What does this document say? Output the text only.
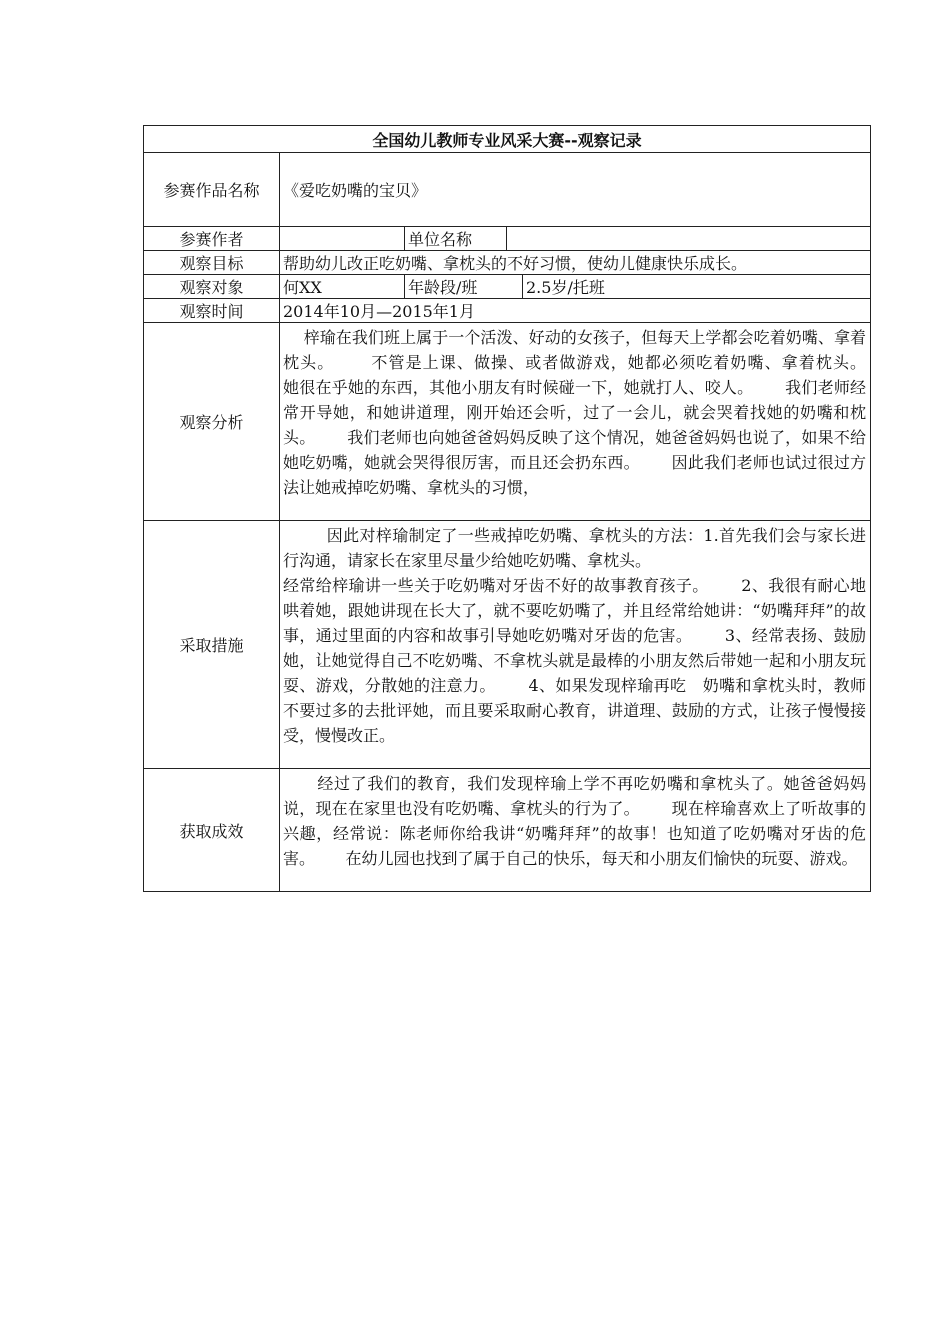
全国幼儿教师专业风采大赛--观察记录				
参赛作品名称	《爱吃奶嘴的宝贝》			
参赛作者		单位名称		
观察目标	帮助幼儿改正吃奶嘴、拿枕头的不好习惯，使幼儿健康快乐成长。			
观察对象	何XX	年龄段/班		2.5岁/托班
观察时间	2014年10月—2015年1月			
观察分析	梓瑜在我们班上属于一个活泼、好动的女孩子，但每天上学都会吃着奶嘴、拿着枕头。      不管是上课、做操、或者做游戏，她都必须吃着奶嘴、拿着枕头。      她很在乎她的东西，其他小朋友有时候碰一下，她就打人、咬人。      我们老师经常开导她，和她讲道理，刚开始还会听，过了一会儿，就会哭着找她的奶嘴和枕头。      我们老师也向她爸爸妈妈反映了这个情况，她爸爸妈妈也说了，如果不给她吃奶嘴，她就会哭得很厉害，而且还会扔东西。      因此我们老师也试过很过方法让她戒掉吃奶嘴、拿枕头的习惯，			
采取措施	因此对梓瑜制定了一些戒掉吃奶嘴、拿枕头的方法：1.首先我们会与家长进行沟通，请家长在家里尽量少给她吃奶嘴、拿枕头。
经常给梓瑜讲一些关于吃奶嘴对牙齿不好的故事教育孩子。      2、我很有耐心地哄着她，跟她讲现在长大了，就不要吃奶嘴了，并且经常给她讲：“奶嘴拜拜”的故事，通过里面的内容和故事引导她吃奶嘴对牙齿的危害。      3、经常表扬、鼓励她，让她觉得自己不吃奶嘴、不拿枕头就是最棒的小朋友然后带她一起和小朋友玩耍、游戏，分散她的注意力。      4、如果发现梓瑜再吃   奶嘴和拿枕头时，教师不要过多的去批评她，而且要采取耐心教育，讲道理、鼓励的方式，让孩子慢慢接受，慢慢改正。			
获取成效	经过了我们的教育，我们发现梓瑜上学不再吃奶嘴和拿枕头了。她爸爸妈妈说，现在在家里也没有吃奶嘴、拿枕头的行为了。      现在梓瑜喜欢上了听故事的兴趣，经常说：陈老师你给我讲“奶嘴拜拜”的故事！也知道了吃奶嘴对牙齿的危害。      在幼儿园也找到了属于自己的快乐，每天和小朋友们愉快的玩耍、游戏。			
